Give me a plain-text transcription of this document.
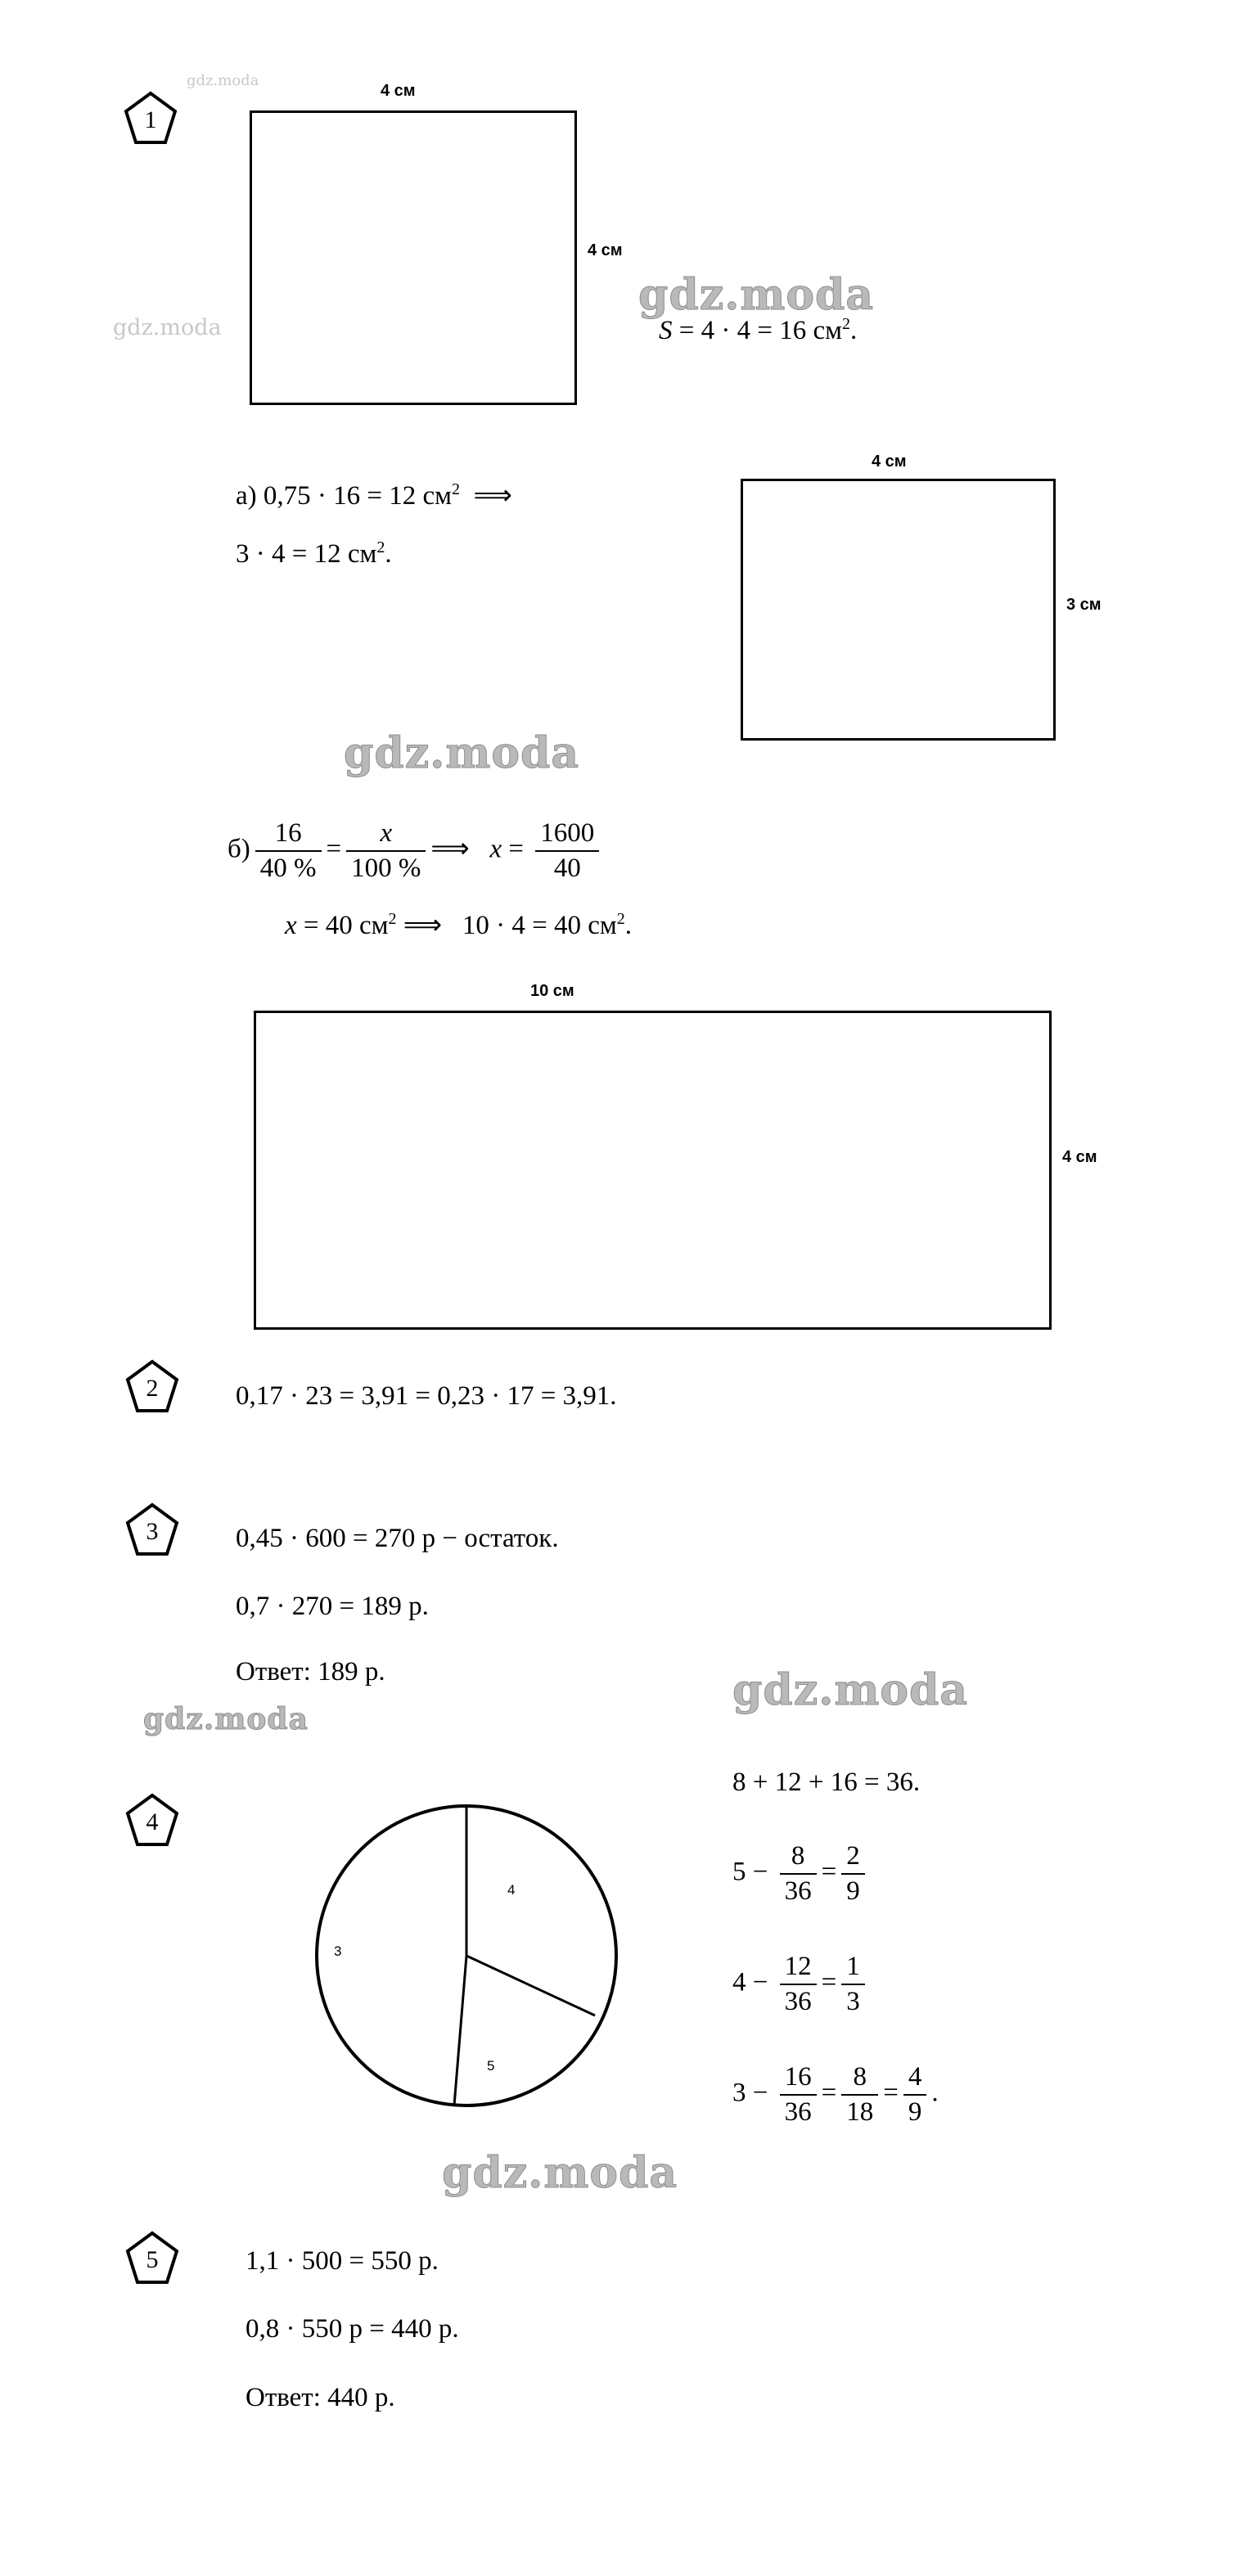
gdz.moda
gdz.moda
gdz.moda
gdz.moda
gdz.moda
gdz.moda
gdz.moda
1
4 см
4 см
S = 4 · 4 = 16 $см^2$.
а) 0,75 · 16 = 12 $см^2$  ⟹
3 · 4 = 12 $см^2$.
4 см
3 см
$б) \frac{16}{40 \%} = \frac{x}{100 \%}$ ⟹   $x = \frac{1600}{40}$
x = 40 $см^2$ ⟹   10 · 4 = 40 $см^2$.
10 см
4 см
2	0,17 · 23 = 3,91 = 0,23 · 17 = 3,91.
3	0,45 · 600 = 270 р − остаток.
0,7 · 270 = 189 р.
Ответ: 189 р.
4
4
5
3
8 + 12 + 16 = 36.
$5 - \frac{8}{36} = \frac{2}{9}$
$4 - \frac{12}{36} = \frac{1}{3}$
$3 - \frac{16}{36} = \frac{8}{18} = \frac{4}{9}$ .
5	1,1 · 500 = 550 р.
0,8 · 550 р = 440 р.
Ответ: 440 р.
